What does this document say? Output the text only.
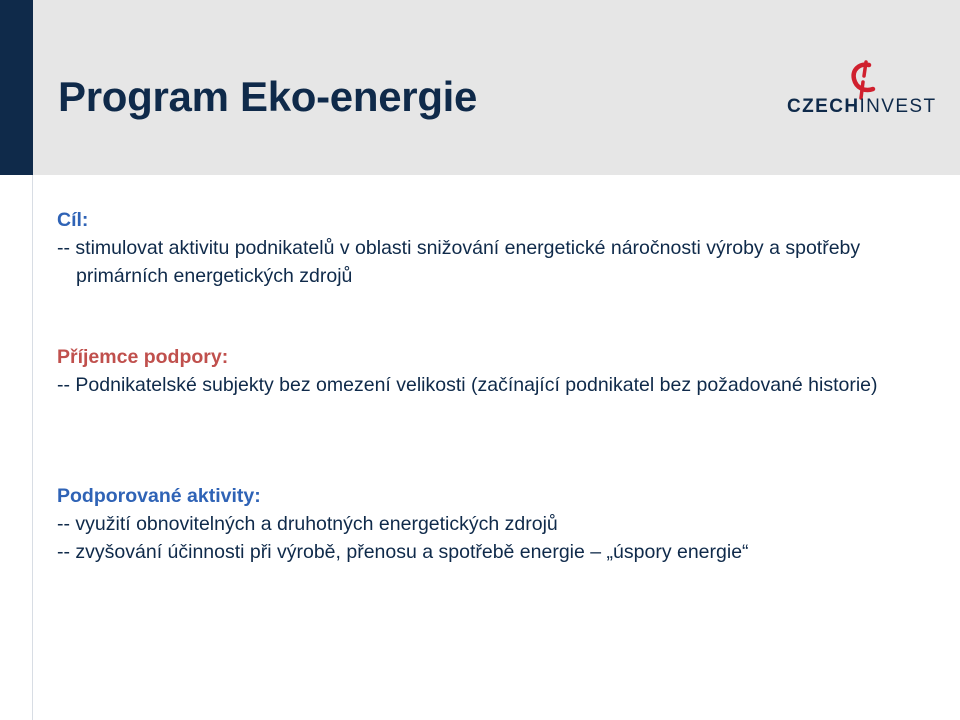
Program Eko-energie	CZECHINVEST

Cíl:

-- stimulovat aktivitu podnikatelů v oblasti snižování energetické náročnosti výroby a spotřeby primárních energetických zdrojů

Příjemce podpory:

-- Podnikatelské subjekty bez omezení velikosti (začínající podnikatel bez požadované historie)

Podporované aktivity:

-- využití obnovitelných a druhotných energetických zdrojů

-- zvyšování účinnosti při výrobě, přenosu a spotřebě energie – „úspory energie“
